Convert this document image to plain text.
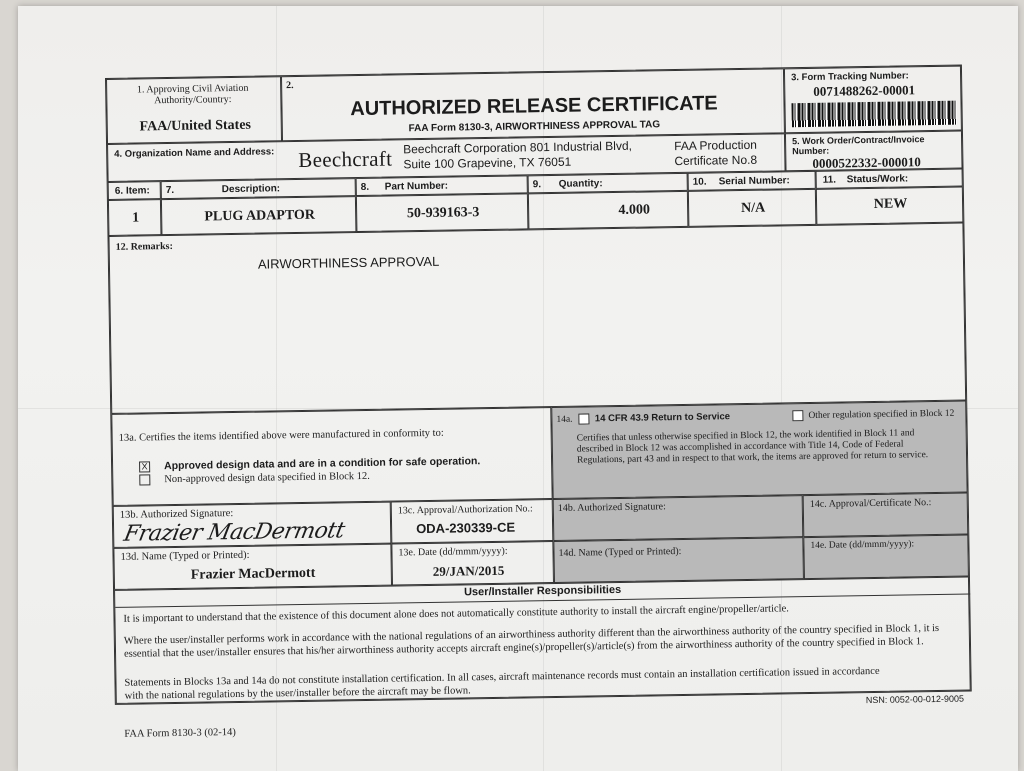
1. Approving Civil Aviation Authority/Country:
FAA/United States
2.
AUTHORIZED RELEASE CERTIFICATE
FAA Form 8130-3, AIRWORTHINESS APPROVAL TAG
3. Form Tracking Number:
0071488262-00001
4. Organization Name and Address: Beechcraft Beechcraft Corporation 801 Industrial Blvd,
Suite 100 Grapevine, TX 76051
FAA Production
Certificate No.8
5. Work Order/Contract/Invoice Number:
0000522332-000010
6. Item: 7.	Description:	8. Part Number:	9. Quantity:	10. Serial Number:	11. Status/Work:
1	PLUG ADAPTOR	50-939163-3	4.000	N/A	NEW
12. Remarks:
AIRWORTHINESS APPROVAL
13a. Certifies the items identified above were manufactured in conformity to:
X Approved design data and are in a condition for safe operation.
Non-approved design data specified in Block 12.
14a. 14 CFR 43.9 Return to Service	Other regulation specified in Block 12
Certifies that unless otherwise specified in Block 12, the work identified in Block 11 and described in Block 12 was accomplished in accordance with Title 14, Code of Federal Regulations, part 43 and in respect to that work, the items are approved for return to service.
13b. Authorized Signature:
Frazier MacDermott
13c. Approval/Authorization No.:
ODA-230339-CE
14b. Authorized Signature:	14c. Approval/Certificate No.:
13d. Name (Typed or Printed):
Frazier MacDermott
13e. Date (dd/mmm/yyyy):
29/JAN/2015
14d. Name (Typed or Printed):
14e. Date (dd/mmm/yyyy):
User/Installer Responsibilities
It is important to understand that the existence of this document alone does not automatically constitute authority to install the aircraft engine/propeller/article.
Where the user/installer performs work in accordance with the national regulations of an airworthiness authority different than the airworthiness authority of the country specified in Block 1, it is essential that the user/installer ensures that his/her airworthiness authority accepts aircraft engine(s)/propeller(s)/article(s) from the airworthiness authority of the country specified in Block 1.
Statements in Blocks 13a and 14a do not constitute installation certification. In all cases, aircraft maintenance records must contain an installation certification issued in accordance with the national regulations by the user/installer before the aircraft may be flown.	NSN: 0052-00-012-9005
FAA Form 8130-3 (02-14)
